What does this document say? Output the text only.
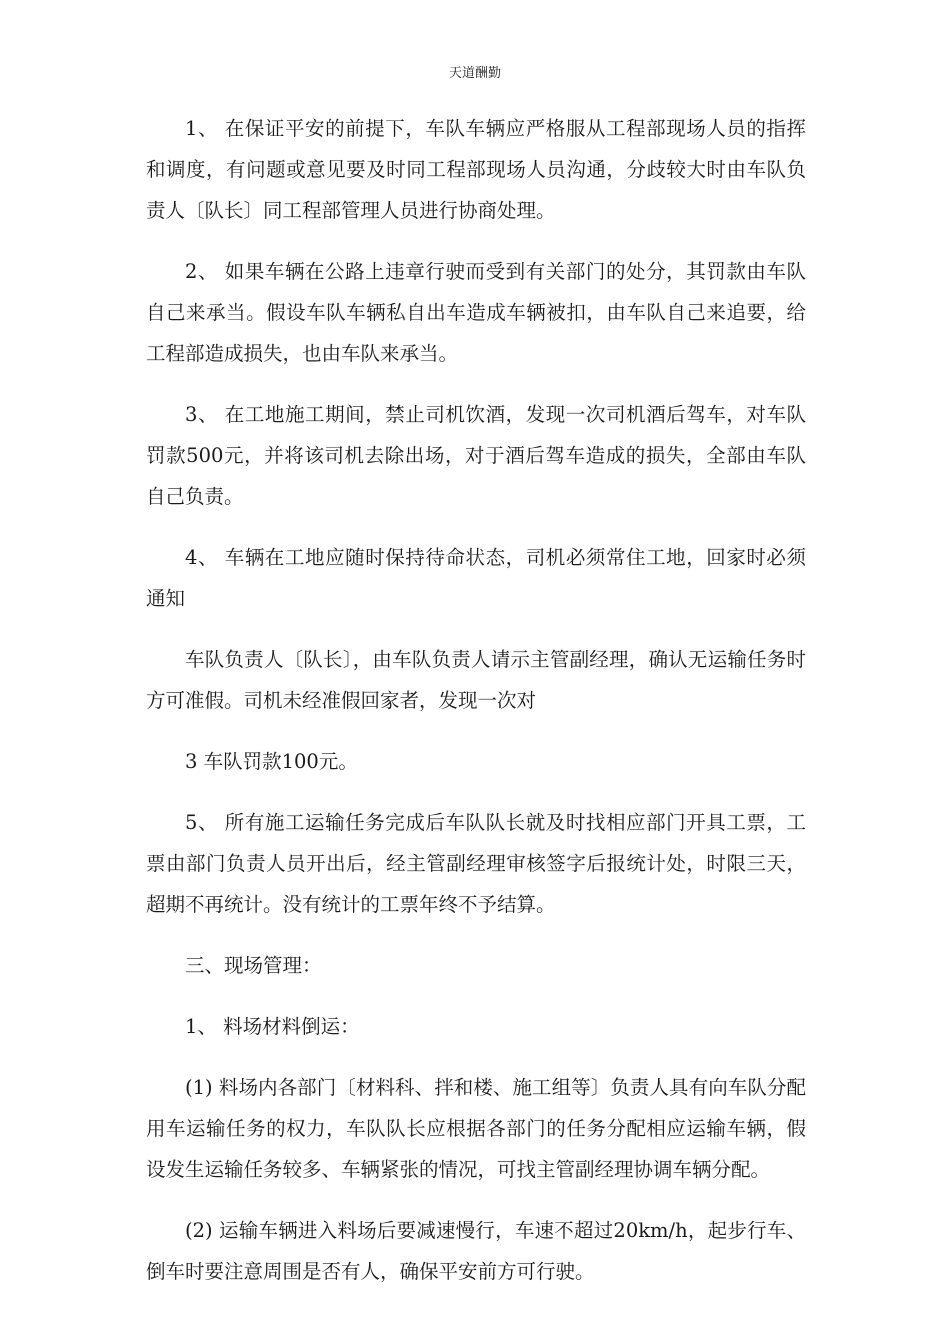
天道酬勤

1、 在保证平安的前提下，车队车辆应严格服从工程部现场人员的指挥和调度，有问题或意见要及时同工程部现场人员沟通，分歧较大时由车队负责人〔队长〕同工程部管理人员进行协商处理。

2、 如果车辆在公路上违章行驶而受到有关部门的处分，其罚款由车队自己来承当。假设车队车辆私自出车造成车辆被扣，由车队自己来追要，给工程部造成损失，也由车队来承当。

3、 在工地施工期间，禁止司机饮酒，发现一次司机酒后驾车，对车队罚款500元，并将该司机去除出场，对于酒后驾车造成的损失，全部由车队自己负责。

4、 车辆在工地应随时保持待命状态，司机必须常住工地，回家时必须通知

车队负责人〔队长〕，由车队负责人请示主管副经理，确认无运输任务时方可准假。司机未经准假回家者，发现一次对

3 车队罚款100元。

5、 所有施工运输任务完成后车队队长就及时找相应部门开具工票，工票由部门负责人员开出后，经主管副经理审核签字后报统计处，时限三天，超期不再统计。没有统计的工票年终不予结算。

三、现场管理：

1、 料场材料倒运：

(1) 料场内各部门〔材料科、拌和楼、施工组等〕负责人具有向车队分配用车运输任务的权力，车队队长应根据各部门的任务分配相应运输车辆，假设发生运输任务较多、车辆紧张的情况，可找主管副经理协调车辆分配。

(2) 运输车辆进入料场后要减速慢行，车速不超过20km/h，起步行车、倒车时要注意周围是否有人，确保平安前方可行驶。
